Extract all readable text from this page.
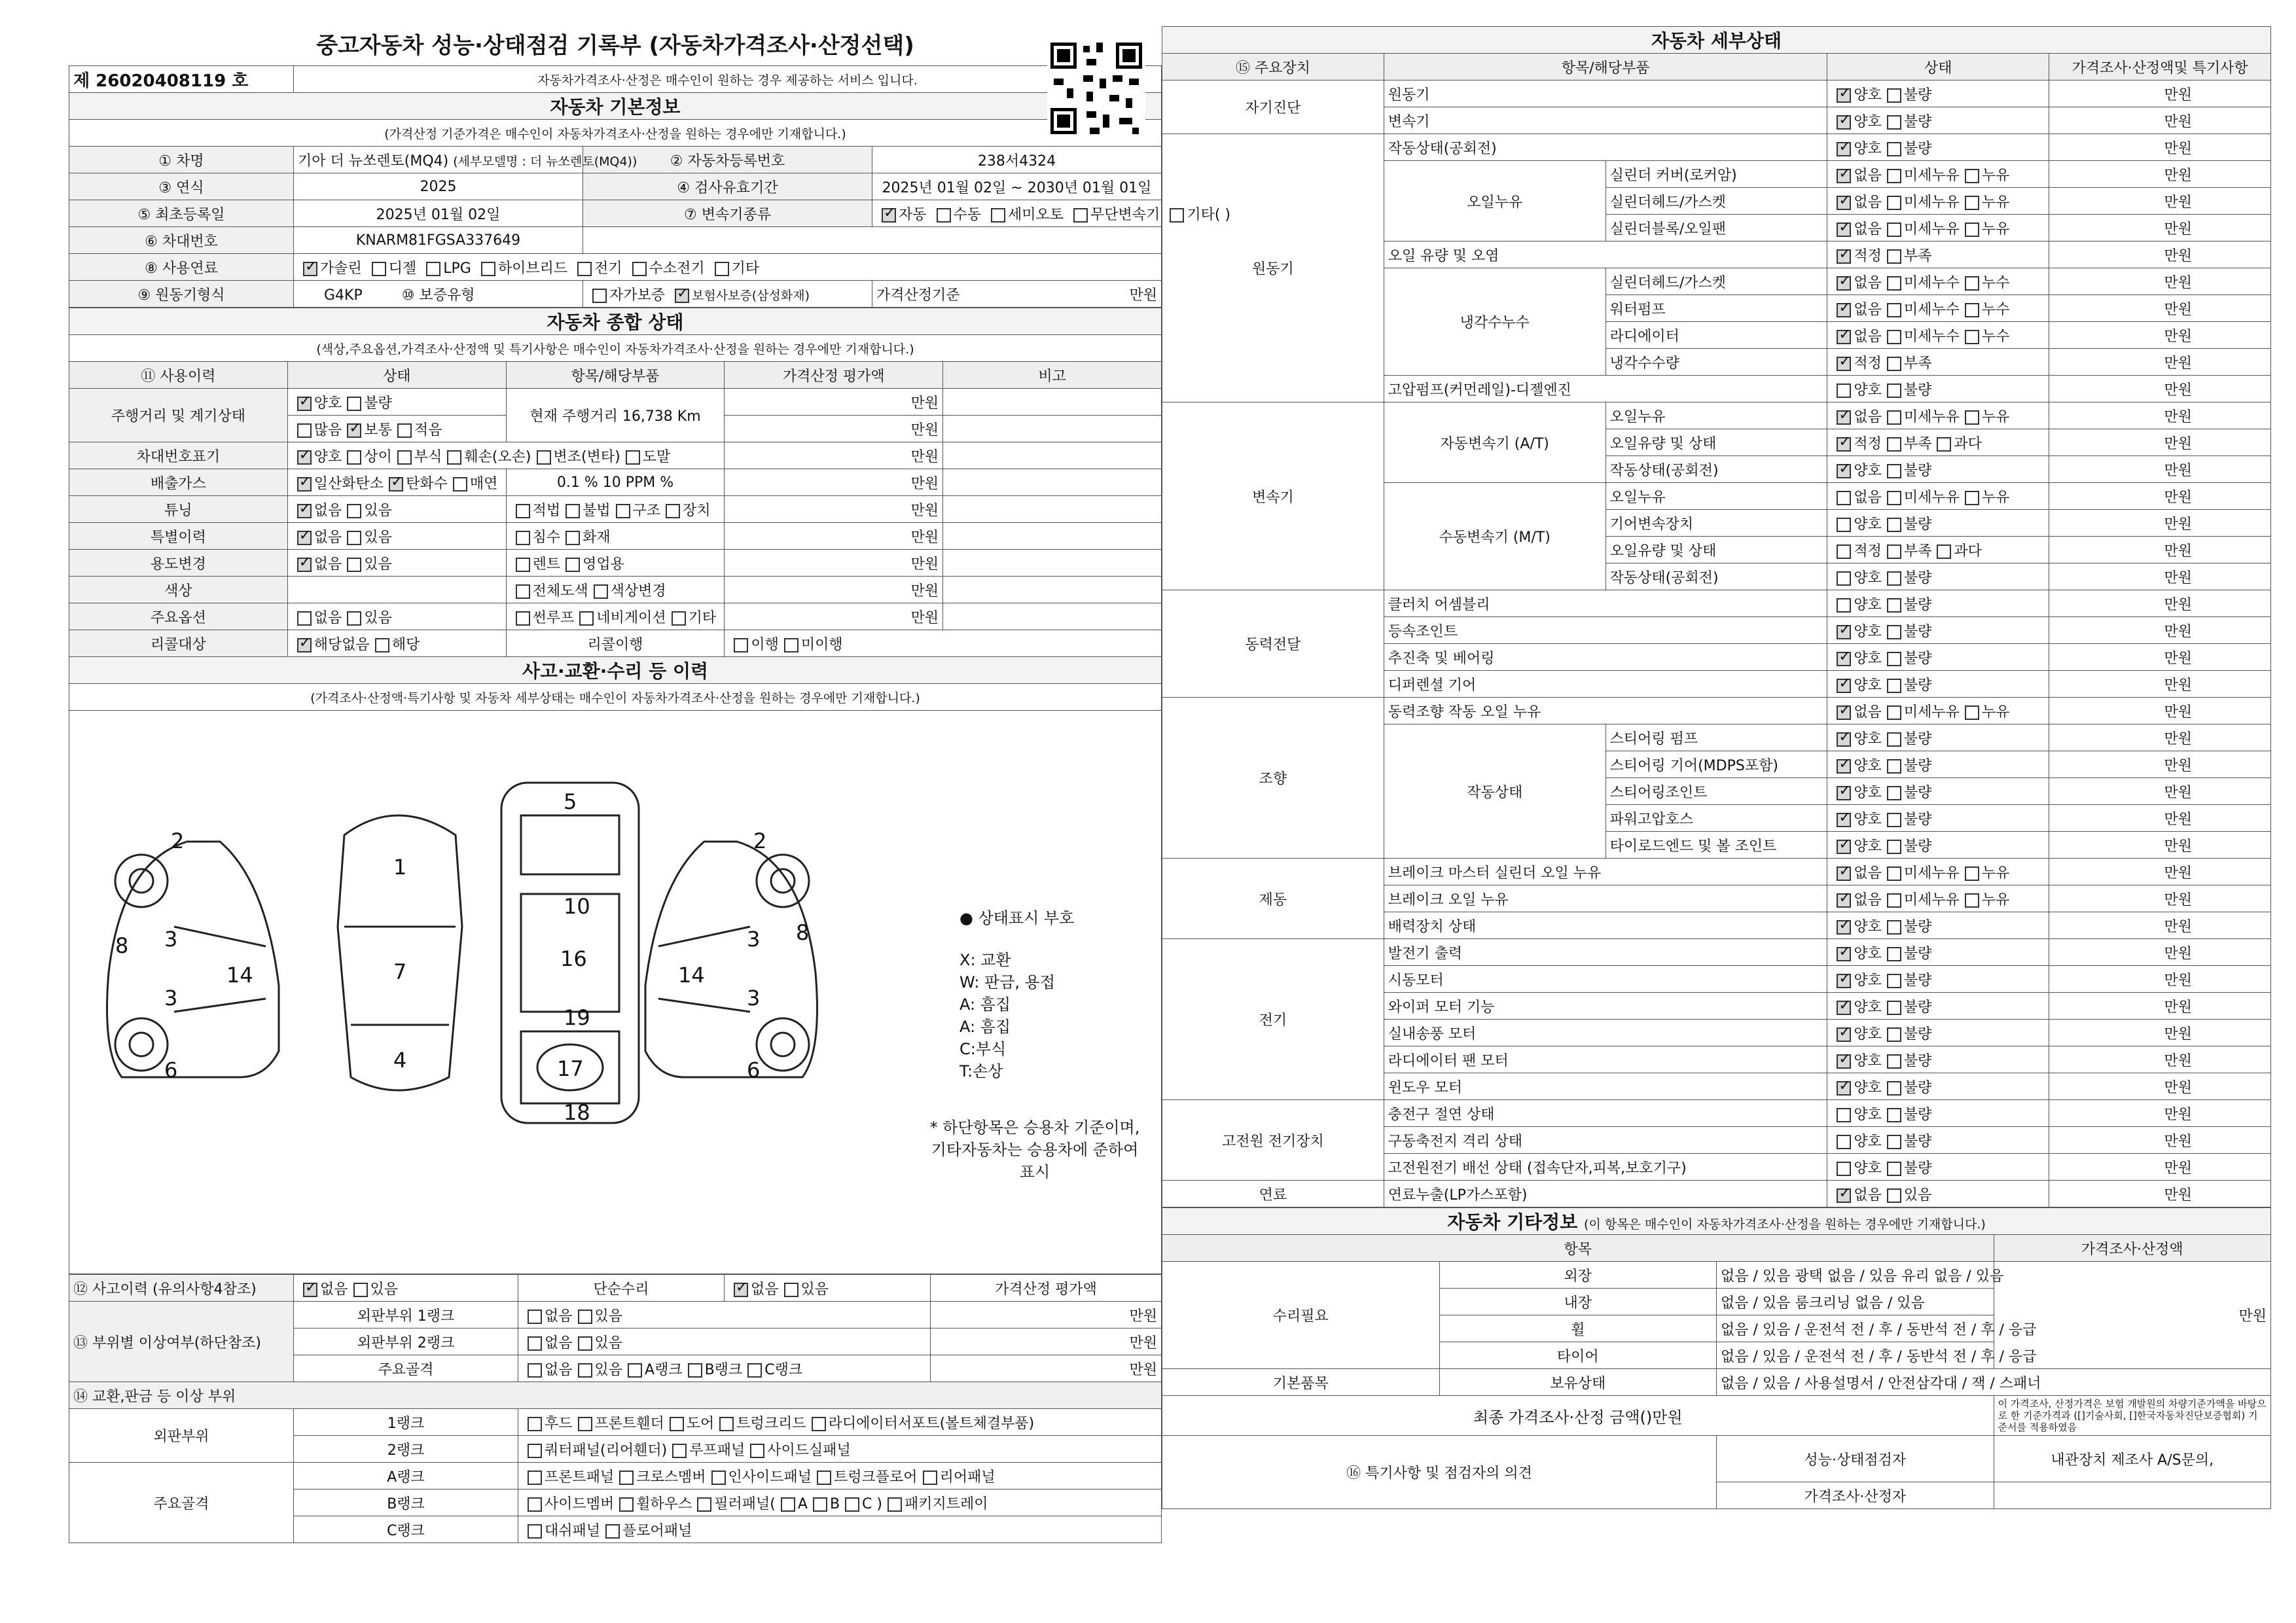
중고자동차 성능·상태점검 기록부 (자동차가격조사·산정선택)
제 26020408119 호	자동차가격조사·산정은 매수인이 원하는 경우 제공하는 서비스 입니다.		
자동차 기본정보			
(가격산정 기준가격은 매수인이 자동차가격조사·산정을 원하는 경우에만 기재합니다.)			
① 차명	기아 더 뉴쏘렌토(MQ4) (세부모델명 : 더 뉴쏘렌토(MQ4))	② 자동차등록번호	238서4324
③ 연식	2025	④ 검사유효기간	2025년 01월 02일 ~ 2030년 01월 01일
⑤ 최초등록일	2025년 01월 02일	⑦ 변속기종류	✓자동 수동 세미오토 무단변속기 기타( )
⑥ 차대번호	KNARM81FGSA337649		
⑧ 사용연료	✓가솔린 디젤 LPG 하이브리드 전기 수소전기 기타
⑨ 원동기형식	G4KP ⑩ 보증유형	자가보증 ✓ 보험사보증(삼성화재)	가격산정기준 만원
자동차 종합 상태				
(색상,주요옵션,가격조사·산정액 및 특기사항은 매수인이 자동차가격조사·산정을 원하는 경우에만 기재합니다.)				
⑪ 사용이력	상태	항목/해당부품	가격산정 평가액	비고
주행거리 및 계기상태	✓양호 불량	현재 주행거리 16,738 Km	만원	
	많음 ✓ 보통 적음		만원	
차대번호표기	✓양호 상이 부식 훼손(오손) 변조(변타) 도말		만원	
배출가스	✓일산화탄소 ✓ 탄화수 매연	0.1 % 10 PPM %	만원	
튜닝	✓없음 있음	적법 불법 구조 장치	만원	
특별이력	✓없음 있음	침수 화재	만원	
용도변경	✓없음 있음	렌트 영업용	만원	
색상		전체도색 색상변경	만원	
주요옵션	없음 있음	썬루프 네비게이션 기타	만원	
리콜대상	✓해당없음 해당	리콜이행	이행 미이행	
사고·교환·수리 등 이력				
(가격조사·산정액·특기사항 및 자동차 세부상태는 매수인이 자동차가격조사·산정을 원하는 경우에만 기재합니다.)				
2
3
3
6
8
14
1
7
4
5
10
16
19
17
18
2
3
3
6
8
14
● 상태표시 부호
X: 교환
W: 판금, 용접
A: 흠집
A: 흠집
C:부식
T:손상
* 하단항목은 승용차 기준이며, 기타자동차는 승용차에 준하여 표시
⑫ 사고이력 (유의사항4참조)	✓없음 있음	단순수리	✓없음 있음	가격산정 평가액
⑬ 부위별 이상여부(하단참조)	외판부위 1랭크	없음 있음		만원
	외판부위 2랭크	없음 있음		만원
	주요골격	없음 있음 A랭크 B랭크 C랭크		만원
⑭ 교환,판금 등 이상 부위				
외판부위	1랭크	후드 프론트휀더 도어 트렁크리드 라디에이터서포트(볼트체결부품)		
	2랭크	쿼터패널(리어휀더) 루프패널 사이드실패널		
주요골격	A랭크	프론트패널 크로스멤버 인사이드패널 트렁크플로어 리어패널		
	B랭크	사이드멤버 휠하우스 필러패널( A B C ) 패키지트레이		
	C랭크	대쉬패널 플로어패널		
자동차 세부상태				
⑮ 주요장치	항목/해당부품		상태	가격조사·산정액및 특기사항
자기진단	원동기	✓양호 불량	만원
	변속기	✓양호 불량	만원
원동기	작동상태(공회전)	✓양호 불량	만원
	오일누유	실린더 커버(로커암)	✓없음 미세누유 누유	만원
		실린더헤드/가스켓	✓없음 미세누유 누유	만원
		실린더블록/오일팬	✓없음 미세누유 누유	만원
	오일 유량 및 오염	✓적정 부족	만원
	냉각수누수	실린더헤드/가스켓	✓없음 미세누수 누수	만원
		워터펌프	✓없음 미세누수 누수	만원
		라디에이터	✓없음 미세누수 누수	만원
		냉각수수량	✓적정 부족	만원
	고압펌프(커먼레일)-디젤엔진		양호 불량	만원
변속기	자동변속기 (A/T)	오일누유	✓없음 미세누유 누유	만원
		오일유량 및 상태	✓적정 부족 과다	만원
		작동상태(공회전)	✓양호 불량	만원
	수동변속기 (M/T)	오일누유	없음 미세누유 누유	만원
		기어변속장치	양호 불량	만원
		오일유량 및 상태	적정 부족 과다	만원
		작동상태(공회전)	양호 불량	만원
동력전달	클러치 어셈블리		양호 불량	만원
	등속조인트	✓양호 불량	만원
	추진축 및 베어링	✓양호 불량	만원
	디퍼렌셜 기어	✓양호 불량	만원
조향	동력조향 작동 오일 누유	✓없음 미세누유 누유	만원
	작동상태	스티어링 펌프	✓양호 불량	만원
		스티어링 기어(MDPS포함)	✓양호 불량	만원
		스티어링조인트	✓양호 불량	만원
		파워고압호스	✓양호 불량	만원
		타이로드엔드 및 볼 조인트	✓양호 불량	만원
제동	브레이크 마스터 실린더 오일 누유	✓없음 미세누유 누유	만원
	브레이크 오일 누유	✓없음 미세누유 누유	만원
	배력장치 상태	✓양호 불량	만원
전기	발전기 출력	✓양호 불량	만원
	시동모터	✓양호 불량	만원
	와이퍼 모터 기능	✓양호 불량	만원
	실내송풍 모터	✓양호 불량	만원
	라디에이터 팬 모터	✓양호 불량	만원
	윈도우 모터	✓양호 불량	만원
고전원 전기장치	충전구 절연 상태		양호 불량	만원
	구동축전지 격리 상태		양호 불량	만원
	고전원전기 배선 상태 (접속단자,피복,보호기구)		양호 불량	만원
연료	연료누출(LP가스포함)	✓없음 있음	만원
자동차 기타정보 (이 항목은 매수인이 자동차가격조사·산정을 원하는 경우에만 기재합니다.)			
항목			가격조사·산정액
수리필요	외장	없음 / 있음 광택 없음 / 있음 유리 없음 / 있음	만원
	내장	없음 / 있음 룸크리닝 없음 / 있음	
	휠	없음 / 있음 / 운전석 전 / 후 / 동반석 전 / 후 / 응급	
	타이어	없음 / 있음 / 운전석 전 / 후 / 동반석 전 / 후 / 응급	
기본품목	보유상태	없음 / 있음 / 사용설명서 / 안전삼각대 / 잭 / 스패너	
최종 가격조사·산정 금액()만원			이 가격조사, 산정가격은 보험 개발원의 차량기준가액을 바탕으로 한 기준가격과 ([]기술사회, []한국자동차진단보증협회) 기준서를 적용하였음
⑯ 특기사항 및 점검자의 의견		성능·상태점검자	내관장치 제조사 A/S문의,
		가격조사·산정자	
